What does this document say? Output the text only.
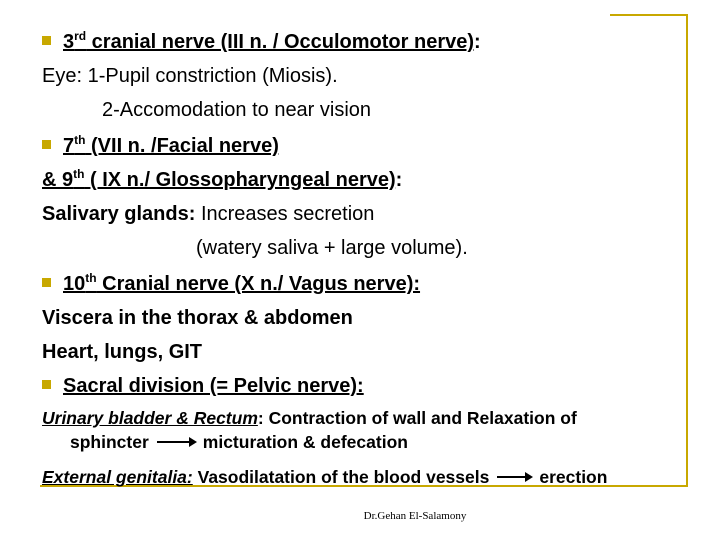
3rd cranial nerve (III n. / Occulomotor nerve):
Eye: 1-Pupil constriction (Miosis).
2-Accomodation to near vision
7th (VII n. /Facial nerve)
& 9th ( IX n./ Glossopharyngeal nerve):
Salivary glands: Increases secretion
(watery saliva + large volume).
10th Cranial nerve (X n./ Vagus nerve):
Viscera in the thorax & abdomen
Heart, lungs, GIT
Sacral division (= Pelvic nerve):
Urinary bladder & Rectum: Contraction of wall and Relaxation of
sphincter	micturation & defecation
External genitalia: Vasodilatation of the blood vessels	erection
Dr.Gehan El-Salamony
